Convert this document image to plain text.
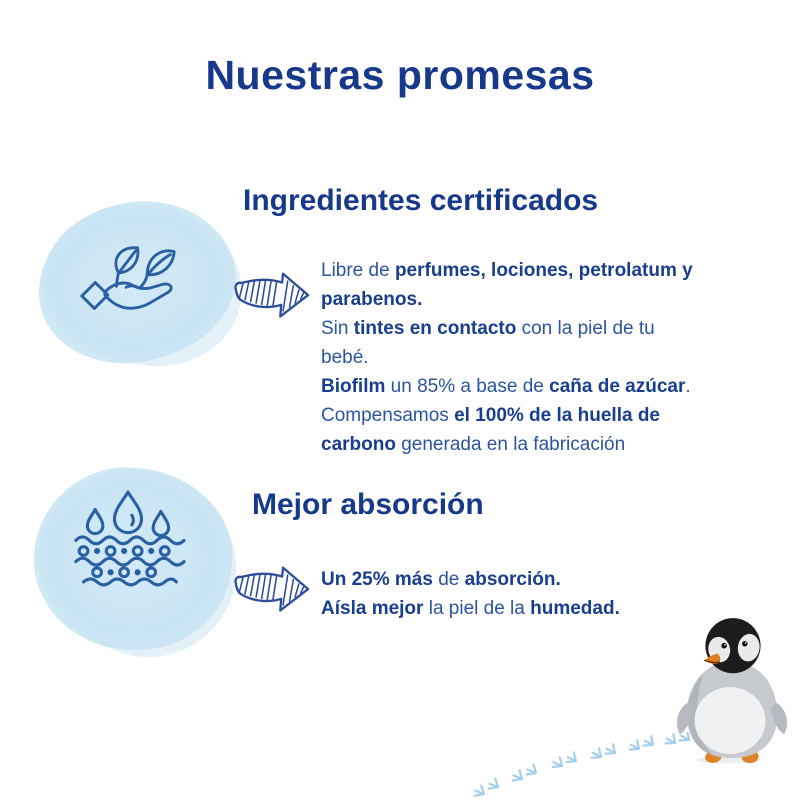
Nuestras promesas
Ingredientes certificados

Libre de perfumes, lociones, petrolatum y

parabenos.

Sin tintes en contacto con la piel de tu

bebé.

Biofilm un 85% a base de caña de azúcar.

Compensamos el 100% de la huella de

carbono generada en la fabricación

Mejor absorción

Un 25% más de absorción.

Aísla mejor la piel de la humedad.
